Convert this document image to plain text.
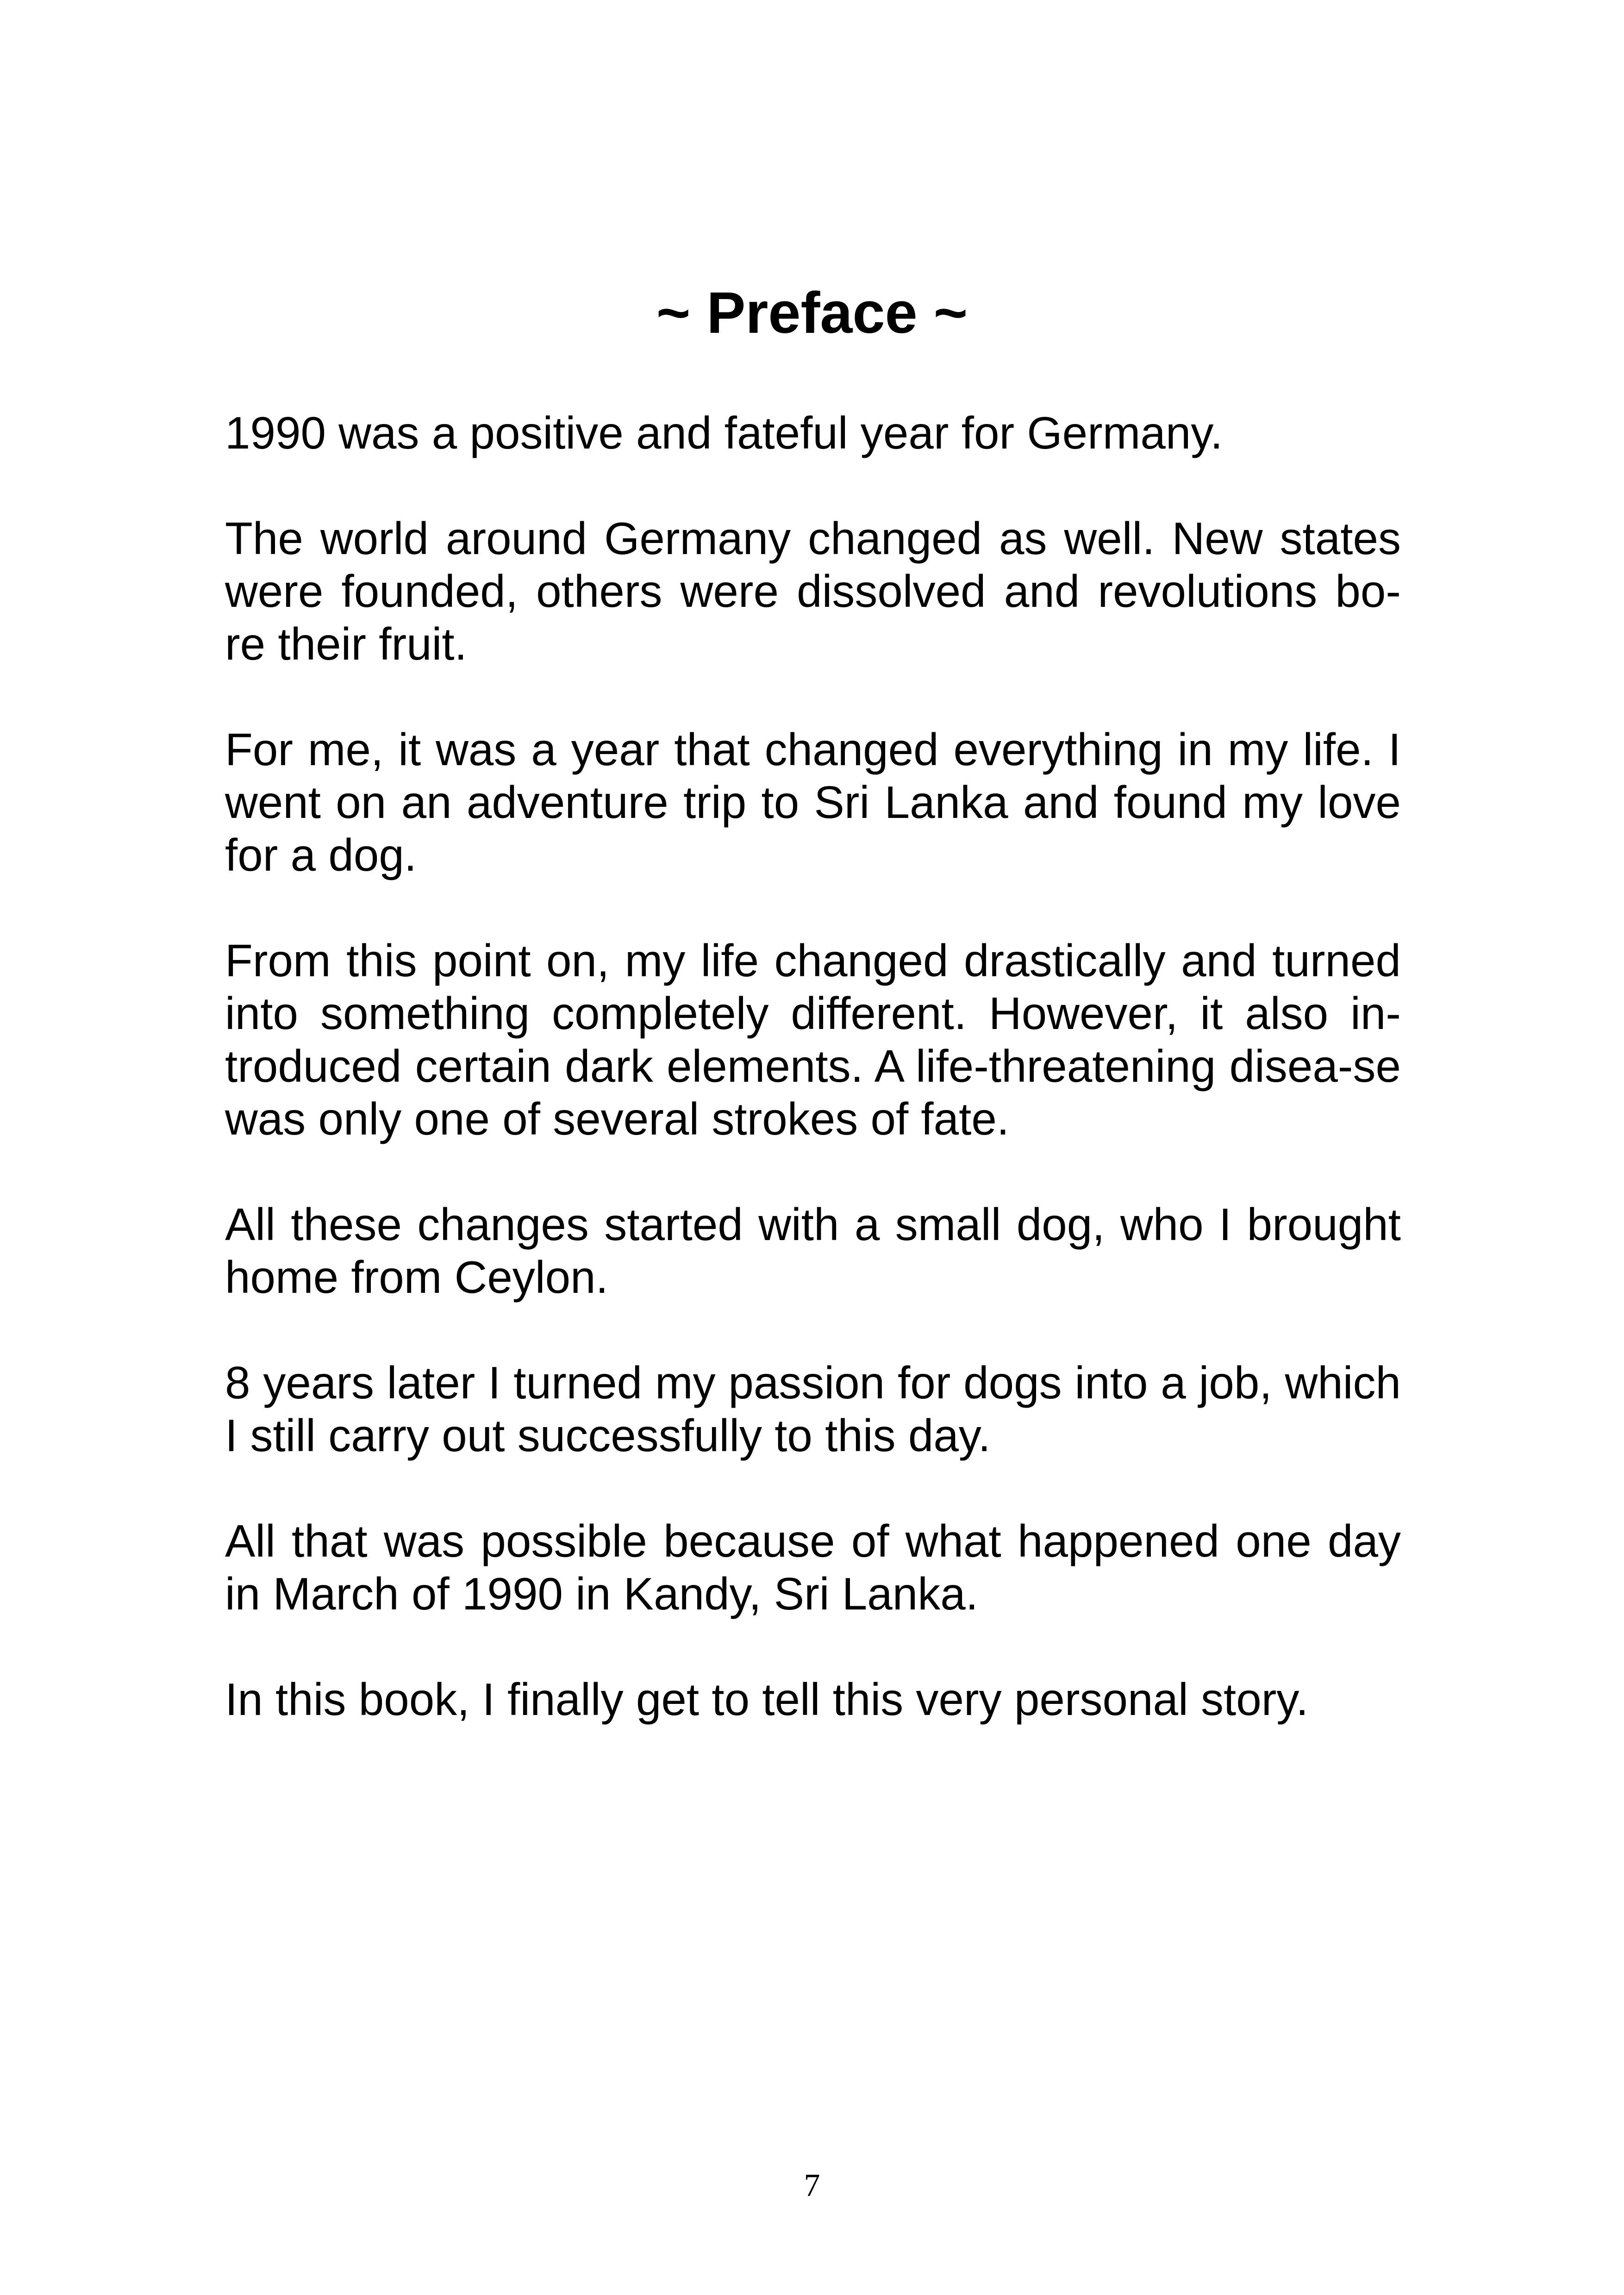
~ Preface ~

1990 was a positive and fateful year for Germany.

The world around Germany changed as well. New states were founded, others were dissolved and revolutions bo-re their fruit.

For me, it was a year that changed everything in my life. I went on an adventure trip to Sri Lanka and found my love for a dog.

From this point on, my life changed drastically and turned into something completely different. However, it also in-troduced certain dark elements. A life-threatening disea-se was only one of several strokes of fate.

All these changes started with a small dog, who I brought home from Ceylon.

8 years later I turned my passion for dogs into a job, which I still carry out successfully to this day.

All that was possible because of what happened one day in March of 1990 in Kandy, Sri Lanka.

In this book, I finally get to tell this very personal story.

7
